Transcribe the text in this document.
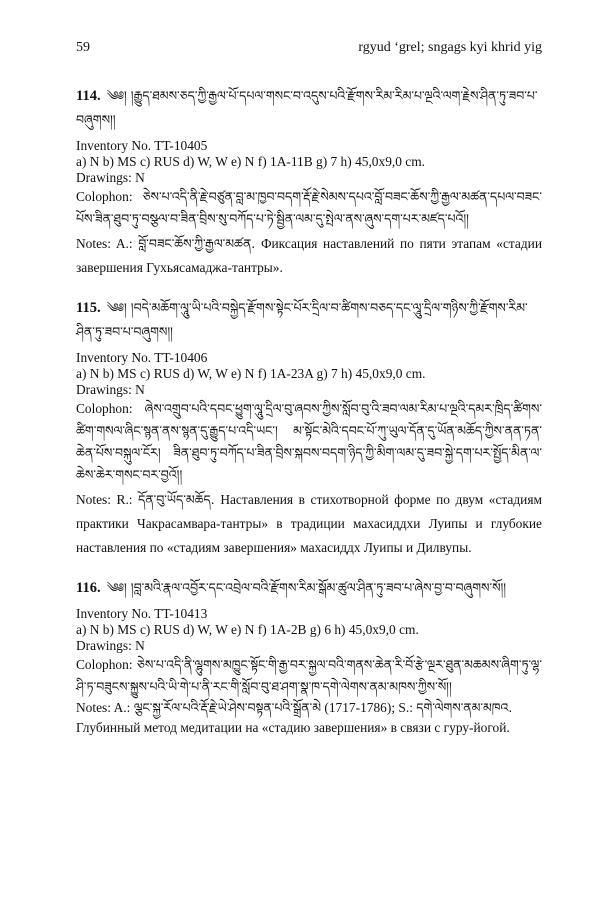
59	rgyud ‘grel; sngags kyi khrid yig
114. ༄༅། །རྒྱུད་ཐམས་ཅད་ཀྱི་རྒྱལ་པོ་དཔལ་གསང་བ་འདུས་པའི་རྫོགས་རིམ་རིམ་པ་ལྔའི་ལག་རྗེས་ཤིན་ཏུ་ཟབ་པ་བཞུགས།།

Inventory No. TT-10405

a) N b) MS c) RUS d) W, W e) N f) 1A-11B g) 7 h) 45,0x9,0 cm.

Drawings: N

Colophon: ཅེས་པ་འདི་ནི་རྗེ་བཙུན་བླ་མ་ཁྱབ་བདག་རྡོ་རྗེ་སེམས་དཔའ་བློ་བཟང་ཆོས་ཀྱི་རྒྱལ་མཚན་དཔལ་བཟང་པོས་ཟིན་ཐུབ་ཏུ་བསྩལ་བ་ཟིན་བྲིས་སུ་བཀོད་པ་ཏེ་སྦྱིན་ལམ་དུ་སྤེལ་ནས་ཞུས་དག་པར་མཛད་པའོ།།

Notes: A.: བློ་བཟང་ཆོས་ཀྱི་རྒྱལ་མཚན. Фиксация наставлений по пяти этапам «стадии завершения Гухьясамаджа-тантры».

115. ༄༅། །བདེ་མཆོག་ལཱུ་ཡི་པའི་བསྐྱེད་རྫོགས་སྟེང་པོར་དྲིལ་བ་ཚིགས་བཅད་དང་ལཱུ་དྲིལ་གཉིས་ཀྱི་རྫོགས་རིམ་ཤིན་ཏུ་ཟབ་པ་བཞུགས།།

Inventory No. TT-10406

a) N b) MS c) RUS d) W, W e) N f) 1A-23A g) 7 h) 45,0x9,0 cm.

Drawings: N

Colophon: ཞེས་འགྲུབ་པའི་དབང་ཕྱུག་ལཱུ་དྲིལ་བུ་ཞབས་ཀྱིས་སློབ་བུ་འི་ཟབ་ལམ་རིམ་པ་ལྔའི་དམར་ཁྲིད་ཚིགས་ཚིག་གསལ་ཞིང་སྙན་ནས་སྙན་དུ་རྒྱུད་པ་འདི་ཡང་། མ་སྟོང་མེའི་དབང་པོ་ཀུ་ཡུལ་དོན་དུ་ཡོན་མཆོད་ཀྱིས་ནན་ཏན་ཆེན་པོས་བསྐུལ་ངོར། ཟིན་ཐུབ་ཏུ་བཀོད་པ་ཟིན་བྲིས་སྐབས་བདག་ཉིད་ཀྱི་མིག་ལམ་དུ་ཟབ་སྐྱེ་དག་པར་སྤྱོད་མིན་ལ་ཆེས་ཆེར་གསང་བར་བྱའོ།།

Notes: R.: དོན་བུ་ཡོད་མཆོད. Наставления в стихотворной форме по двум «стадиям практики Чакрасамвара-тантры» в традиции махасиддхи Луипы и глубокие наставления по «стадиям завершения» махасиддх Луипы и Дилвупы.

116. ༄༅། །བླ་མའི་རྣལ་འབྱོར་དང་འབྲེལ་བའི་རྫོགས་རིམ་སྒོམ་ཚུལ་ཤིན་ཏུ་ཟབ་པ་ཞེས་བྱ་བ་བཞུགས་སོ།།

Inventory No. TT-10413

a) N b) MS c) RUS d) W, W e) N f) 1A-2B g) 6 h) 45,0x9,0 cm.

Drawings: N

Colophon: ཅེས་པ་འདི་ནི་ལྷུགས་མཁྱུང་སྟོང་གི་རྒྱ་བར་སྐྱལ་བའི་གནས་ཆེན་རི་བོ་རྩེ་ལྔར་ཐུན་མཆམས་ཞིག་ཏུ་ལྷ་ཤི་ཏ་བཟུངས་སྐྱུས་པའི་ཡི་གེ་པ་ནི་རང་གི་སློབ་བུ་ཐ་ཤག་སྣ་ཁ་དགེ་ལེགས་ནམ་མཁས་ཀྱིས་སོ།།

Notes: A.: ལྕང་སྐྱ་རོལ་པའི་རྡོ་རྗེ་ཡེ་ཤེས་བསྟན་པའི་སྒྲོན་མེ (1717-1786); S.: དགེ་ལེགས་ནམ་མཁའ.

Глубинный метод медитации на «стадию завершения» в связи с гуру-йогой.
